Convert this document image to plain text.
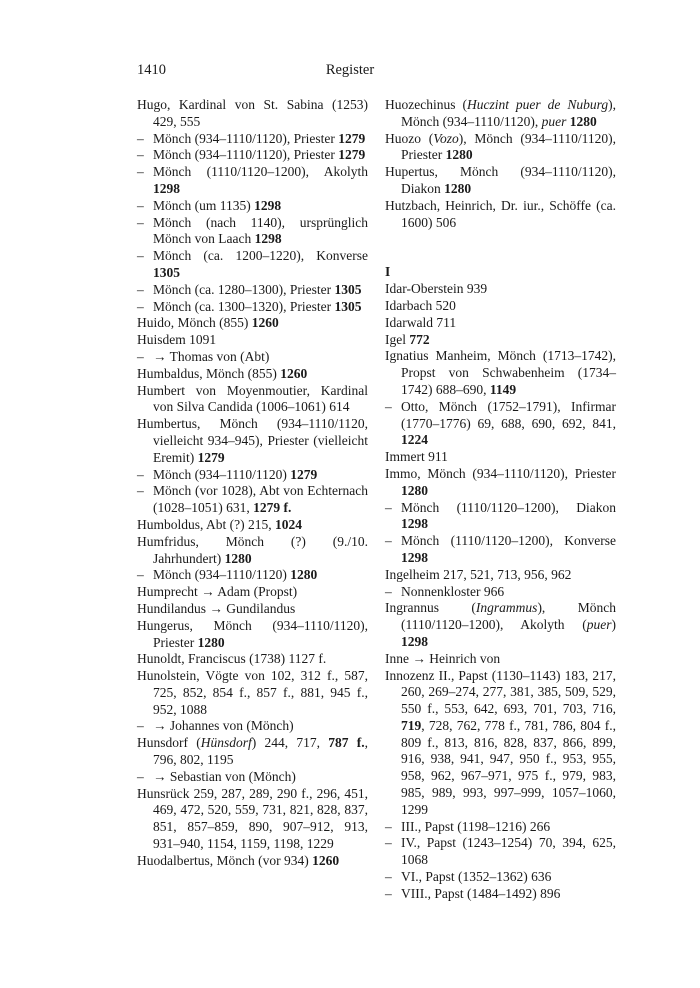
1410	Register

Hugo, Kardinal von St. Sabina (1253) 429, 555

– Mönch (934–1110/1120), Priester 1279

– Mönch (934–1110/1120), Priester 1279

– Mönch (1110/1120–1200), Akolyth 1298

– Mönch (um 1135) 1298

– Mönch (nach 1140), ursprünglich Mönch von Laach 1298

– Mönch (ca. 1200–1220), Konverse 1305

– Mönch (ca. 1280–1300), Priester 1305

– Mönch (ca. 1300–1320), Priester 1305

Huido, Mönch (855) 1260

Huisdem 1091

– → Thomas von (Abt)

Humbaldus, Mönch (855) 1260

Humbert von Moyenmoutier, Kardinal von Silva Candida (1006–1061) 614

Humbertus, Mönch (934–1110/1120, vielleicht 934–945), Priester (vielleicht Eremit) 1279

– Mönch (934–1110/1120) 1279

– Mönch (vor 1028), Abt von Echternach (1028–1051) 631, 1279 f.

Humboldus, Abt (?) 215, 1024

Humfridus, Mönch (?) (9./10. Jahrhundert) 1280

– Mönch (934–1110/1120) 1280

Humprecht → Adam (Propst)

Hundilandus → Gundilandus

Hungerus, Mönch (934–1110/1120), Priester 1280

Hunoldt, Franciscus (1738) 1127 f.

Hunolstein, Vögte von 102, 312 f., 587, 725, 852, 854 f., 857 f., 881, 945 f., 952, 1088

– → Johannes von (Mönch)

Hunsdorf (Hünsdorf) 244, 717, 787 f., 796, 802, 1195

– → Sebastian von (Mönch)

Hunsrück 259, 287, 289, 290 f., 296, 451, 469, 472, 520, 559, 731, 821, 828, 837, 851, 857–859, 890, 907–912, 913, 931–940, 1154, 1159, 1198, 1229

Huodalbertus, Mönch (vor 934) 1260

Huozechinus (Huczint puer de Nuburg), Mönch (934–1110/1120), puer 1280

Huozo (Vozo), Mönch (934–1110/1120), Priester 1280

Hupertus, Mönch (934–1110/1120), Diakon 1280

Hutzbach, Heinrich, Dr. iur., Schöffe (ca. 1600) 506

I

Idar-Oberstein 939

Idarbach 520

Idarwald 711

Igel 772

Ignatius Manheim, Mönch (1713–1742), Propst von Schwabenheim (1734–1742) 688–690, 1149

– Otto, Mönch (1752–1791), Infirmar (1770–1776) 69, 688, 690, 692, 841, 1224

Immert 911

Immo, Mönch (934–1110/1120), Priester 1280

– Mönch (1110/1120–1200), Diakon 1298

– Mönch (1110/1120–1200), Konverse 1298

Ingelheim 217, 521, 713, 956, 962

– Nonnenkloster 966

Ingrannus (Ingrammus), Mönch (1110/1120–1200), Akolyth (puer) 1298

Inne → Heinrich von

Innozenz II., Papst (1130–1143) 183, 217, 260, 269–274, 277, 381, 385, 509, 529, 550 f., 553, 642, 693, 701, 703, 716, 719, 728, 762, 778 f., 781, 786, 804 f., 809 f., 813, 816, 828, 837, 866, 899, 916, 938, 941, 947, 950 f., 953, 955, 958, 962, 967–971, 975 f., 979, 983, 985, 989, 993, 997–999, 1057–1060, 1299

– III., Papst (1198–1216) 266

– IV., Papst (1243–1254) 70, 394, 625, 1068

– VI., Papst (1352–1362) 636

– VIII., Papst (1484–1492) 896
